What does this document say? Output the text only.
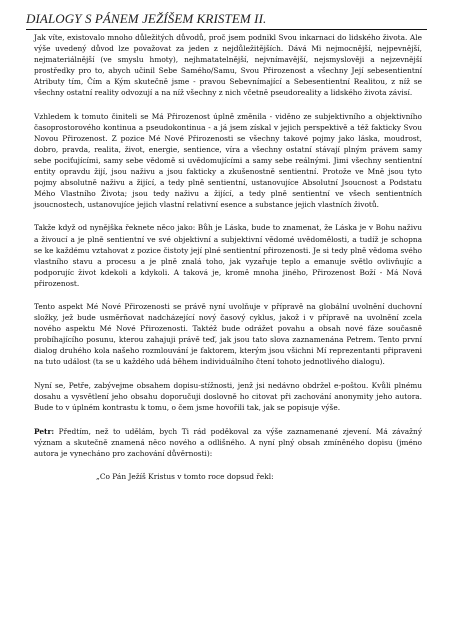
DIALOGY S PÁNEM JEŽÍŠEM KRISTEM II.

Jak víte, existovalo mnoho důležitých důvodů, proč jsem podnikl Svou inkarnaci do lidského života. Ale výše uvedený důvod lze považovat za jeden z nejdůležitějších. Dává Mi nejmocnější, nejpevnější, nejmateriálnější (ve smyslu hmoty), nejhmatatelnější, nejvnímavější, nejsmyslověji a nejzevnější prostředky pro to, abych učinil Sebe Samého/Samu, Svou Přirozenost a všechny Její sebesentientní Atributy tím, Čím a Kým skutečně jsme - pravou Sebevnímající a Sebesentientní Realitou, z níž se všechny ostatní reality odvozují a na níž všechny z nich včetně pseudoreality a lidského života závisí.

Vzhledem k tomuto činiteli se Má Přirozenost úplně změnila - viděno ze subjektivního a objektivního časoprostorového kontinua a pseudokontinua - a já jsem získal v jejich perspektivě a též fakticky Svou Novou Přirozenost. Z pozice Mé Nové Přirozenosti se všechny takové pojmy jako láska, moudrost, dobro, pravda, realita, život, energie, sentience, víra a všechny ostatní stávají plným právem samy sebe pociťujícími, samy sebe vědomě si uvědomujícími a samy sebe reálnými. Jimi všechny sentientní entity opravdu žijí, jsou naživu a jsou fakticky a zkušenostně sentientní. Protože ve Mně jsou tyto pojmy absolutně naživu a žijící, a tedy plně sentientní, ustanovujíce Absolutní Jsoucnost a Podstatu Mého Vlastního Života; jsou tedy naživu a žijící, a tedy plně sentientní ve všech sentientních jsoucnostech, ustanovujíce jejich vlastní relativní esence a substance jejich vlastních životů.

Takže když od nynějška řeknete něco jako: Bůh je Láska, bude to znamenat, že Láska je v Bohu naživu a živoucí a je plně sentientní ve své objektivní a subjektivní vědomé uvědomělosti, a tudíž je schopna se ke každému vztahovat z pozice čistoty její plné sentientní přirozenosti. Je si tedy plně vědoma svého vlastního stavu a procesu a je plně znalá toho, jak vyzařuje teplo a emanuje světlo ovlivňujíc a podporujíc život kdekoli a kdykoli. A taková je, kromě mnoha jiného, Přirozenost Boží - Má Nová přirozenost.

Tento aspekt Mé Nové Přirozenosti se právě nyní uvolňuje v přípravě na globální uvolnění duchovní složky, jež bude usměrňovat nadcházející nový časový cyklus, jakož i v přípravě na uvolnění zcela nového aspektu Mé Nové Přirozenosti. Taktéž bude odrážet povahu a obsah nové fáze současně probíhajícího posunu, kterou zahajuji právě teď, jak jsou tato slova zaznamenána Petrem. Tento první dialog druhého kola našeho rozmlouvání je faktorem, kterým jsou všichni Mí reprezentanti připraveni na tuto událost (ta se u každého udá během individuálního čtení tohoto jednotlivého dialogu).

Nyní se, Petře, zabývejme obsahem dopisu-stížnosti, jenž jsi nedávno obdržel e-poštou. Kvůli plnému dosahu a vysvětlení jeho obsahu doporučuji doslovně ho citovat při zachování anonymity jeho autora. Bude to v úplném kontrastu k tomu, o čem jsme hovořili tak, jak se popisuje výše.

Petr: Předtím, než to udělám, bych Ti rád poděkoval za výše zaznamenané zjevení. Má závažný význam a skutečně znamená něco nového a odlišného. A nyní plný obsah zmíněného dopisu (jméno autora je vynecháno pro zachování důvěrnosti):

„Co Pán Ježíš Kristus v tomto roce dopsud řekl:
